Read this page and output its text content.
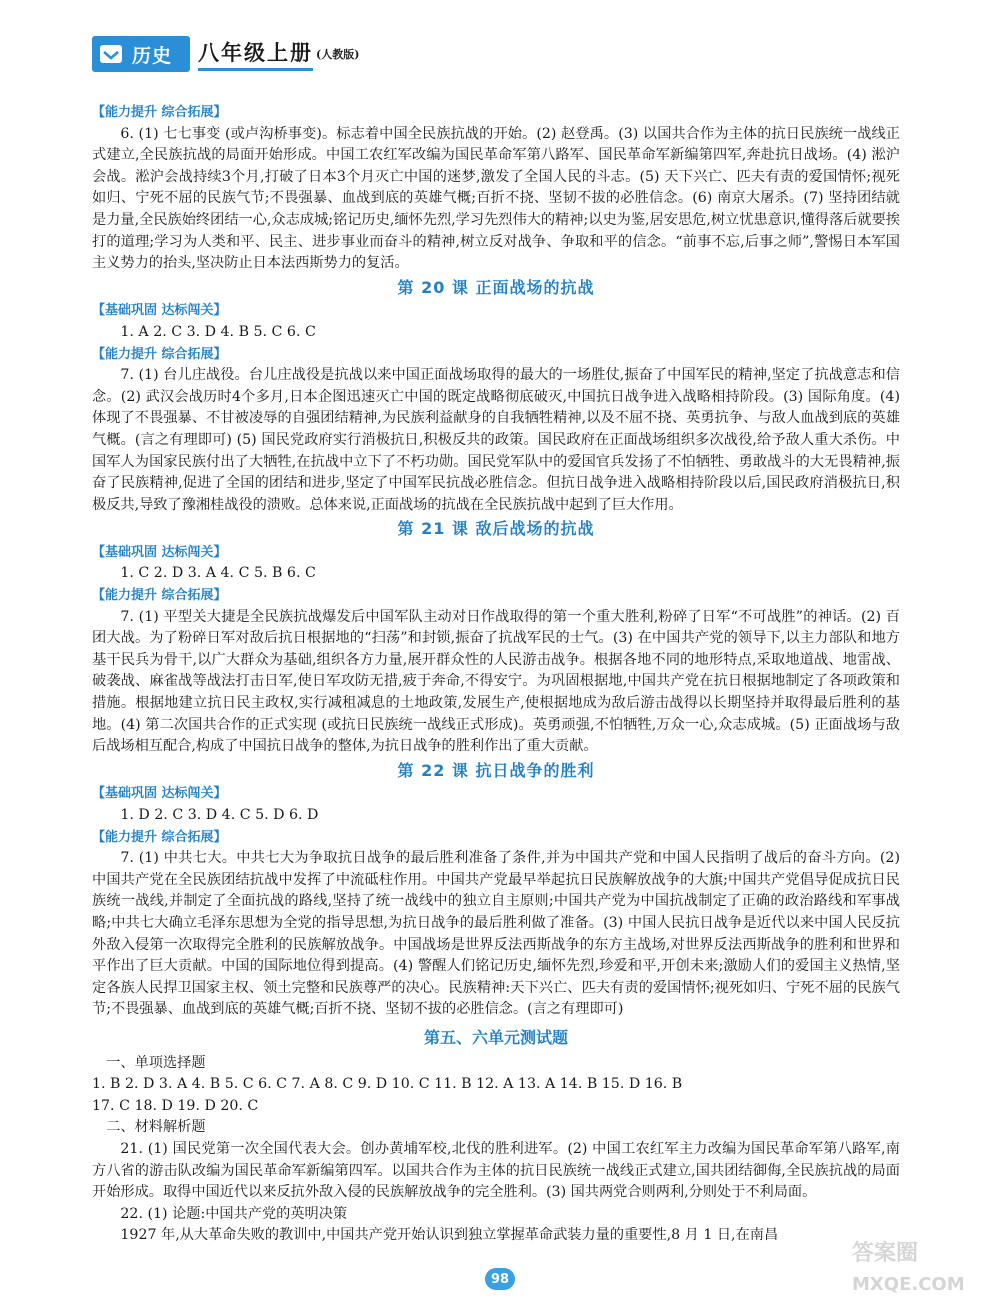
历史 八年级上册 (人教版)
【能力提升 综合拓展】

6. (1) 七七事变 (或卢沟桥事变)。标志着中国全民族抗战的开始。(2) 赵登禹。(3) 以国共合作为主体的抗日民族统一战线正式建立,全民族抗战的局面开始形成。中国工农红军改编为国民革命军第八路军、国民革命军新编第四军,奔赴抗日战场。(4) 淞沪会战。淞沪会战持续3个月,打破了日本3个月灭亡中国的迷梦,激发了全国人民的斗志。(5) 天下兴亡、匹夫有责的爱国情怀;视死如归、宁死不屈的民族气节;不畏强暴、血战到底的英雄气概;百折不挠、坚韧不拔的必胜信念。(6) 南京大屠杀。(7) 坚持团结就是力量,全民族始终团结一心,众志成城;铭记历史,缅怀先烈,学习先烈伟大的精神;以史为鉴,居安思危,树立忧患意识,懂得落后就要挨打的道理;学习为人类和平、民主、进步事业而奋斗的精神,树立反对战争、争取和平的信念。“前事不忘,后事之师”,警惕日本军国主义势力的抬头,坚决防止日本法西斯势力的复活。

第 20 课 正面战场的抗战
【基础巩固 达标闯关】

1. A 2. C 3. D 4. B 5. C 6. C

【能力提升 综合拓展】

7. (1) 台儿庄战役。台儿庄战役是抗战以来中国正面战场取得的最大的一场胜仗,振奋了中国军民的精神,坚定了抗战意志和信念。(2) 武汉会战历时4个多月,日本企图迅速灭亡中国的既定战略彻底破灭,中国抗日战争进入战略相持阶段。(3) 国际角度。(4) 体现了不畏强暴、不甘被凌辱的自强团结精神,为民族利益献身的自我牺牲精神,以及不屈不挠、英勇抗争、与敌人血战到底的英雄气概。(言之有理即可) (5) 国民党政府实行消极抗日,积极反共的政策。国民政府在正面战场组织多次战役,给予敌人重大杀伤。中国军人为国家民族付出了大牺牲,在抗战中立下了不朽功勋。国民党军队中的爱国官兵发扬了不怕牺牲、勇敢战斗的大无畏精神,振奋了民族精神,促进了全国的团结和进步,坚定了中国军民抗战必胜信念。但抗日战争进入战略相持阶段以后,国民政府消极抗日,积极反共,导致了豫湘桂战役的溃败。总体来说,正面战场的抗战在全民族抗战中起到了巨大作用。

第 21 课 敌后战场的抗战
【基础巩固 达标闯关】

1. C 2. D 3. A 4. C 5. B 6. C

【能力提升 综合拓展】

7. (1) 平型关大捷是全民族抗战爆发后中国军队主动对日作战取得的第一个重大胜利,粉碎了日军“不可战胜”的神话。(2) 百团大战。为了粉碎日军对敌后抗日根据地的“扫荡”和封锁,振奋了抗战军民的士气。(3) 在中国共产党的领导下,以主力部队和地方基干民兵为骨干,以广大群众为基础,组织各方力量,展开群众性的人民游击战争。根据各地不同的地形特点,采取地道战、地雷战、破袭战、麻雀战等战法打击日军,使日军攻防无措,疲于奔命,不得安宁。为巩固根据地,中国共产党在抗日根据地制定了各项政策和措施。根据地建立抗日民主政权,实行减租减息的土地政策,发展生产,使根据地成为敌后游击战得以长期坚持并取得最后胜利的基地。(4) 第二次国共合作的正式实现 (或抗日民族统一战线正式形成)。英勇顽强,不怕牺牲,万众一心,众志成城。(5) 正面战场与敌后战场相互配合,构成了中国抗日战争的整体,为抗日战争的胜利作出了重大贡献。

第 22 课 抗日战争的胜利
【基础巩固 达标闯关】

1. D 2. C 3. D 4. C 5. D 6. D

【能力提升 综合拓展】

7. (1) 中共七大。中共七大为争取抗日战争的最后胜利准备了条件,并为中国共产党和中国人民指明了战后的奋斗方向。(2) 中国共产党在全民族团结抗战中发挥了中流砥柱作用。中国共产党最早举起抗日民族解放战争的大旗;中国共产党倡导促成抗日民族统一战线,并制定了全面抗战的路线,坚持了统一战线中的独立自主原则;中国共产党为中国抗战制定了正确的政治路线和军事战略;中共七大确立毛泽东思想为全党的指导思想,为抗日战争的最后胜利做了准备。(3) 中国人民抗日战争是近代以来中国人民反抗外敌入侵第一次取得完全胜利的民族解放战争。中国战场是世界反法西斯战争的东方主战场,对世界反法西斯战争的胜利和世界和平作出了巨大贡献。中国的国际地位得到提高。(4) 警醒人们铭记历史,缅怀先烈,珍爱和平,开创未来;激励人们的爱国主义热情,坚定各族人民捍卫国家主权、领土完整和民族尊严的决心。民族精神:天下兴亡、匹夫有责的爱国情怀;视死如归、宁死不屈的民族气节;不畏强暴、血战到底的英雄气概;百折不挠、坚韧不拔的必胜信念。(言之有理即可)

第五、六单元测试题

一、单项选择题

1. B 2. D 3. A 4. B 5. C 6. C 7. A 8. C 9. D 10. C 11. B 12. A 13. A 14. B 15. D 16. B

17. C 18. D 19. D 20. C

二、材料解析题

21. (1) 国民党第一次全国代表大会。创办黄埔军校,北伐的胜利进军。(2) 中国工农红军主力改编为国民革命军第八路军,南方八省的游击队改编为国民革命军新编第四军。以国共合作为主体的抗日民族统一战线正式建立,国共团结御侮,全民族抗战的局面开始形成。取得中国近代以来反抗外敌入侵的民族解放战争的完全胜利。(3) 国共两党合则两利,分则处于不利局面。

22. (1) 论题:中国共产党的英明决策

1927 年,从大革命失败的教训中,中国共产党开始认识到独立掌握革命武装力量的重要性,8 月 1 日,在南昌

98
答案圈
MXQE.COM
